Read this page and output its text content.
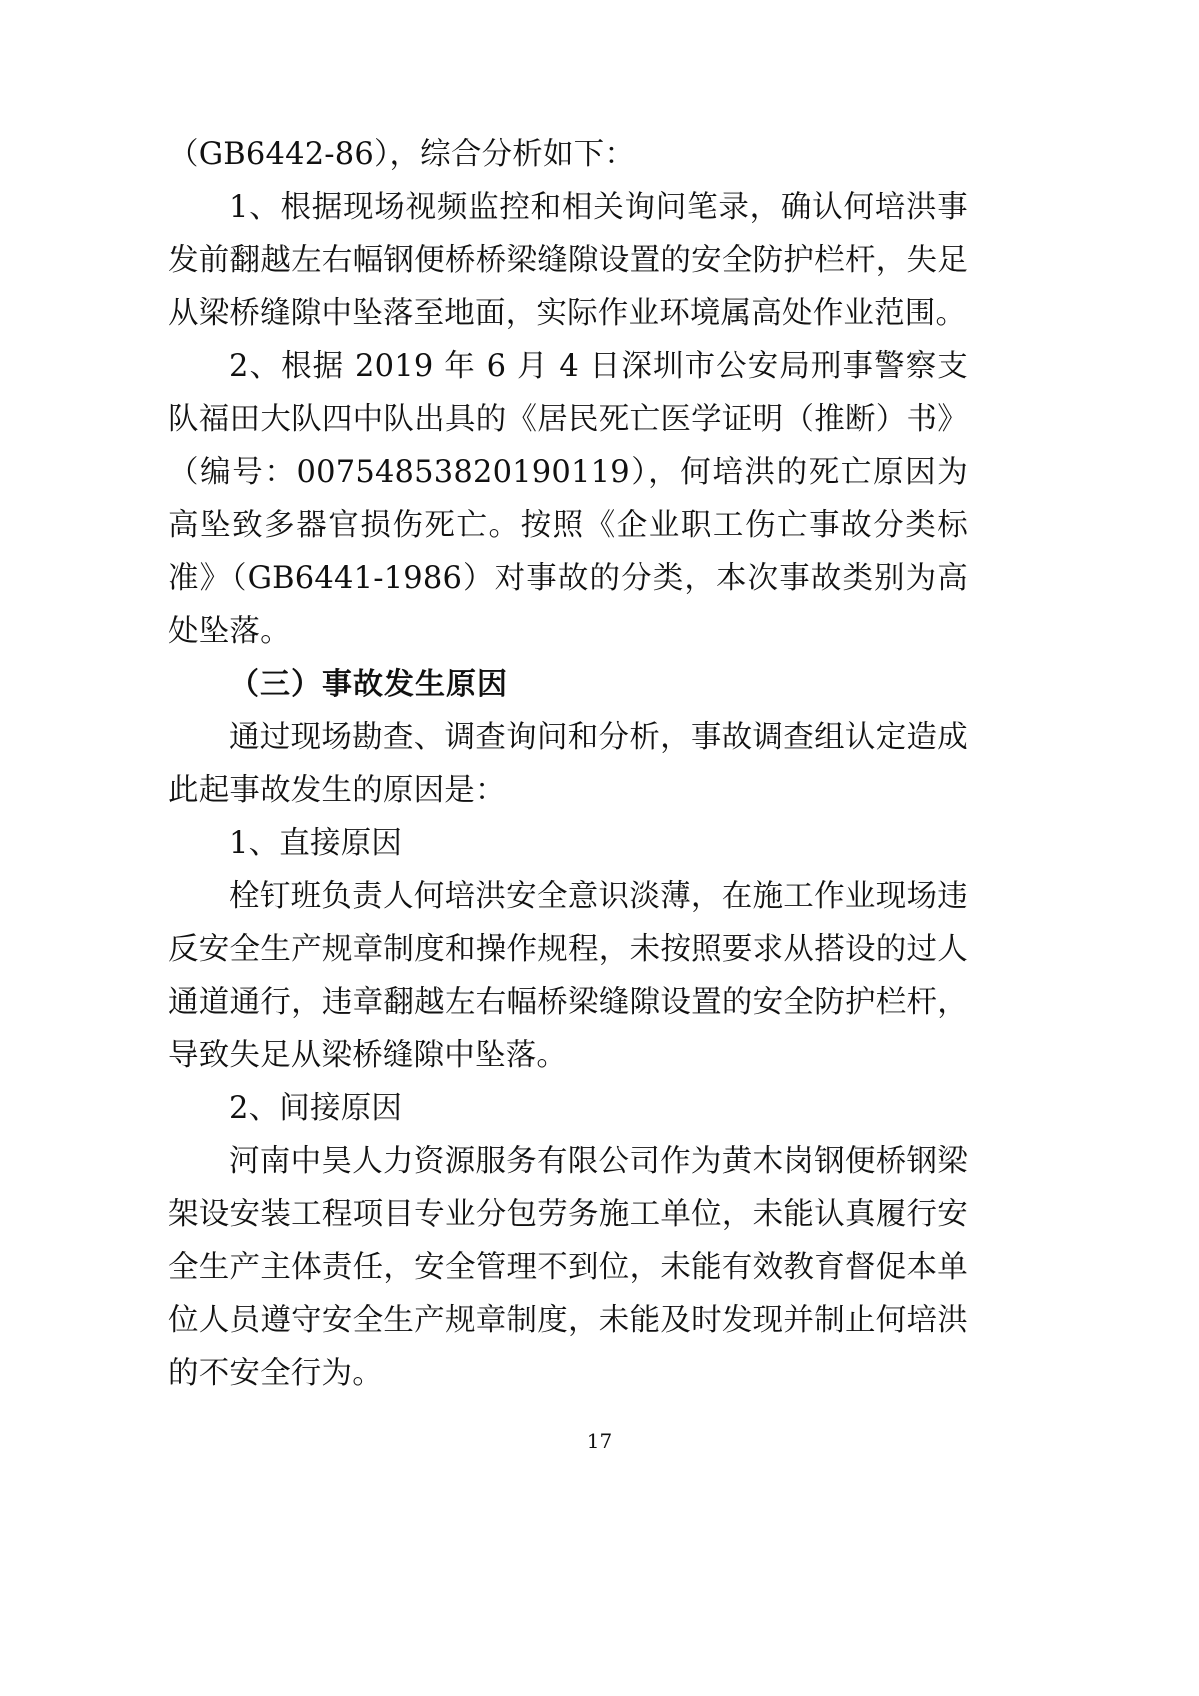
（GB6442-86），综合分析如下：

1、根据现场视频监控和相关询问笔录，确认何培洪事发前翻越左右幅钢便桥桥梁缝隙设置的安全防护栏杆，失足从梁桥缝隙中坠落至地面，实际作业环境属高处作业范围。

2、根据 2019 年 6 月 4 日深圳市公安局刑事警察支队福田大队四中队出具的《居民死亡医学证明（推断）书》（编号：00754853820190119），何培洪的死亡原因为高坠致多器官损伤死亡。按照《企业职工伤亡事故分类标准》（GB6441-1986）对事故的分类，本次事故类别为高处坠落。

（三）事故发生原因

通过现场勘查、调查询问和分析，事故调查组认定造成此起事故发生的原因是：

1、直接原因

栓钉班负责人何培洪安全意识淡薄，在施工作业现场违反安全生产规章制度和操作规程，未按照要求从搭设的过人通道通行，违章翻越左右幅桥梁缝隙设置的安全防护栏杆，导致失足从梁桥缝隙中坠落。

2、间接原因

河南中昊人力资源服务有限公司作为黄木岗钢便桥钢梁架设安装工程项目专业分包劳务施工单位，未能认真履行安全生产主体责任，安全管理不到位，未能有效教育督促本单位人员遵守安全生产规章制度，未能及时发现并制止何培洪的不安全行为。

17
